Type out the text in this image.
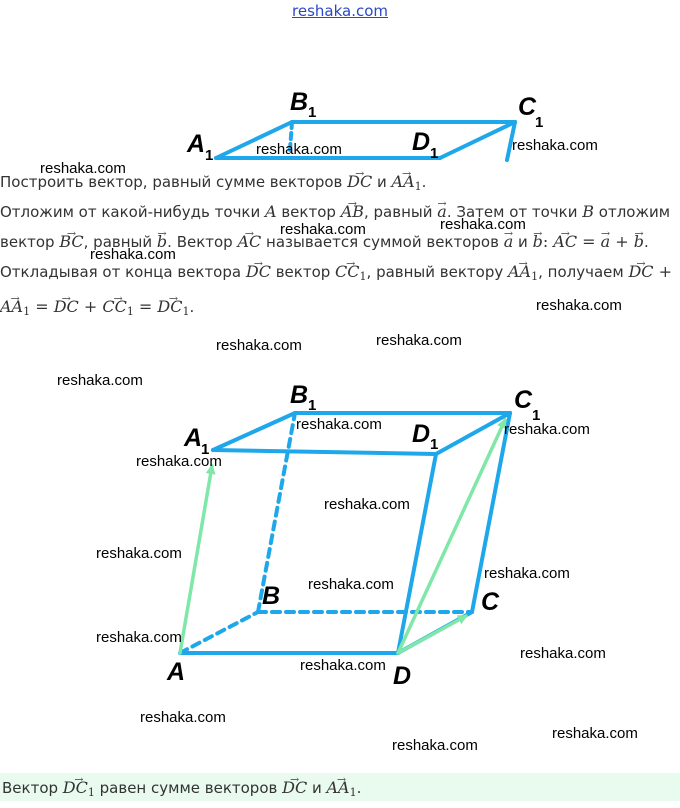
reshaka.com
A 1
B 1	C
1
D 1
Построить вектор, равный сумме векторов → DC $и \to AA_1$.
Отложим от какой-нибудь точки A вектор → AB, равный → a. Затем от точки B отложим вектор → BC, равный → b. Вектор → AC называется суммой векторов → a и → b: → AC = → a + → b.
Откладывая от конца вектора → DC вектор → $CC_1$, равный вектору → $AA_1$, получаем → DC + → $AA_1$ = → DC + → $CC_1$ = → $DC_1$.
A
B	C
D
A
1
B 1	C
1
D 1
Вектор → $DC_1$ равен сумме векторов → DC $и \to AA_1$.
reshaka.com
reshaka.com	reshaka.com
reshaka.com
reshaka.com	reshaka.com
reshaka.com
reshaka.com	reshaka.com
reshaka.com
reshaka.com	reshaka.com
reshaka.com
reshaka.com
reshaka.com
reshaka.com
reshaka.com
reshaka.com
reshaka.com
reshaka.com
reshaka.com
reshaka.com
reshaka.com
